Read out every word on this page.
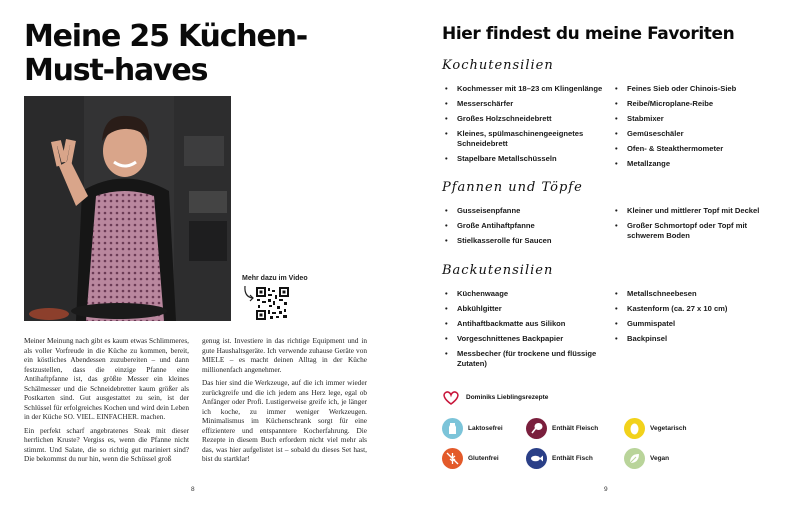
Meine 25 Küchen-
Must-haves
Mehr dazu im Video

Meiner Meinung nach gibt es kaum etwas Schlimmeres, als voller Vorfreude in die Küche zu kommen, bereit, ein köstliches Abendessen zuzubereiten – und dann festzustellen, dass die einzige Pfanne eine Antihaftpfanne ist, das größte Messer ein kleines Schälmesser und die Schneidebretter kaum größer als Postkarten sind. Gut ausgestattet zu sein, ist der Schlüssel für erfolgreiches Kochen und wird dein Leben in der Küche SO. VIEL. EINFACHER. machen.

Ein perfekt scharf angebratenes Steak mit dieser herrlichen Kruste? Vergiss es, wenn die Pfanne nicht stimmt. Und Salate, die so richtig gut mariniert sind? Die bekommst du nur hin, wenn die Schüssel groß

genug ist. Investiere in das richtige Equipment und in gute Haushaltsgeräte. Ich verwende zuhause Geräte von MIELE – es macht deinen Alltag in der Küche millionenfach angenehmer.

Das hier sind die Werkzeuge, auf die ich immer wieder zurückgreife und die ich jedem ans Herz lege, egal ob Anfänger oder Profi. Lustigerweise greife ich, je länger ich koche, zu immer weniger Werkzeugen. Minimalismus im Küchenschrank sorgt für eine effizientere und entspanntere Kocherfahrung. Die Rezepte in diesem Buch erfordern nicht viel mehr als das, was hier aufgelistet ist – sobald du dieses Set hast, bist du startklar!

8
Hier findest du meine Favoriten
Kochutensilien
• Kochmesser mit 18–23 cm Klingenlänge
• Messerschärfer
• Großes Holzschneidebrett
• Kleines, spülmaschinengeeignetes Schneidebrett
• Stapelbare Metallschüsseln
• Feines Sieb oder Chinois-Sieb
• Reibe/Microplane-Reibe
• Stabmixer
• Gemüseschäler
• Ofen- & Steakthermometer
• Metallzange
Pfannen und Töpfe
• Gusseisenpfanne
• Große Antihaftpfanne
• Stielkasserolle für Saucen
• Kleiner und mittlerer Topf mit Deckel
• Großer Schmortopf oder Topf mit schwerem Boden
Backutensilien
• Küchenwaage
• Abkühlgitter
• Antihaftbackmatte aus Silikon
• Vorgeschnittenes Backpapier
• Messbecher (für trockene und flüssige Zutaten)
• Metallschneebesen
• Kastenform (ca. 27 x 10 cm)
• Gummispatel
• Backpinsel
Dominiks Lieblingsrezepte
Laktosefrei	Enthält Fleisch	Vegetarisch
Glutenfrei	Enthält Fisch	Vegan
9
